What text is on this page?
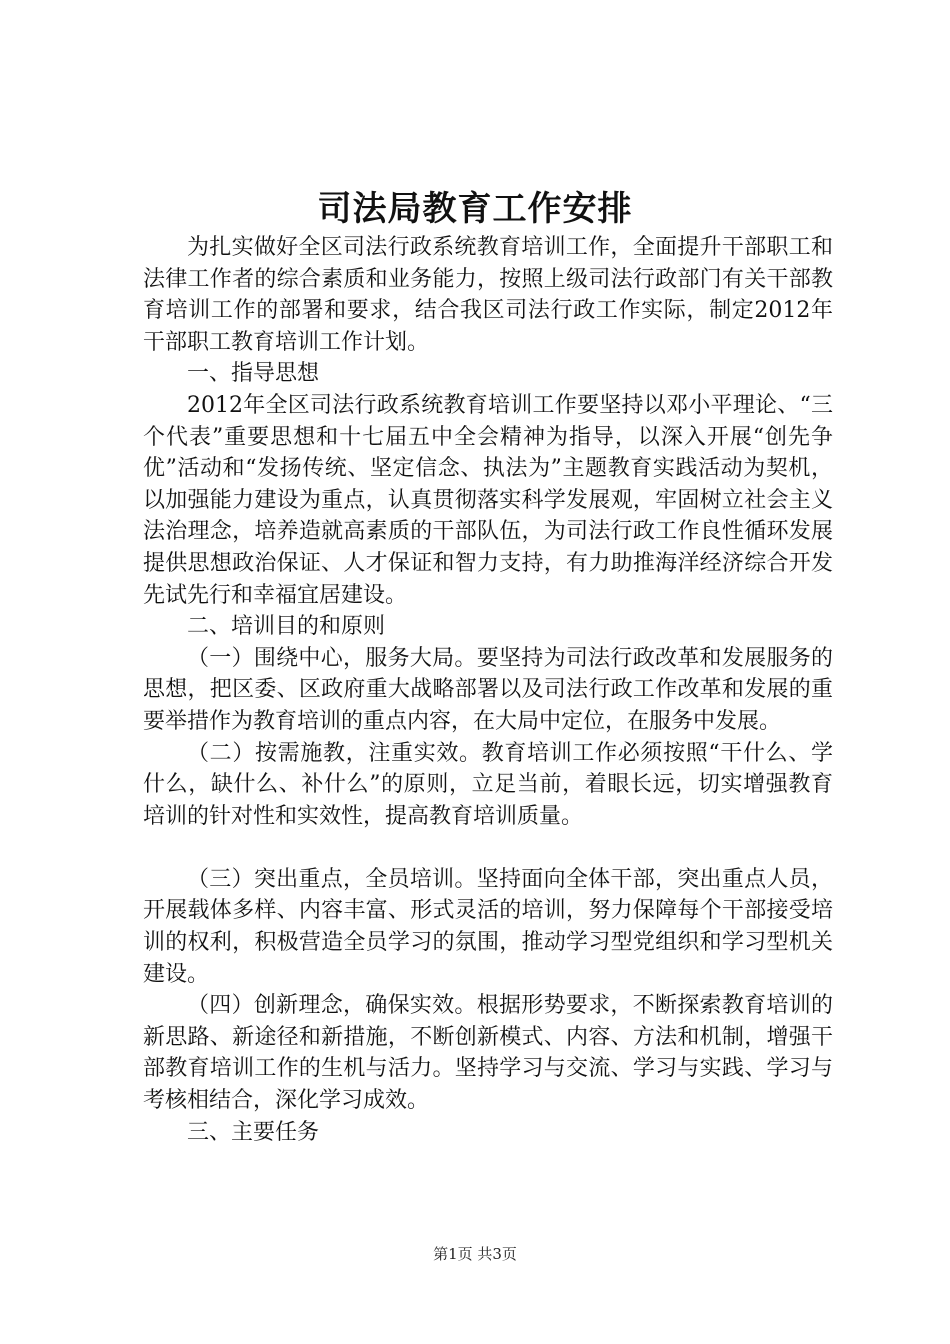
司法局教育工作安排

为扎实做好全区司法行政系统教育培训工作，全面提升干部职工和法律工作者的综合素质和业务能力，按照上级司法行政部门有关干部教育培训工作的部署和要求，结合我区司法行政工作实际，制定2012年干部职工教育培训工作计划。

一、指导思想

2012年全区司法行政系统教育培训工作要坚持以邓小平理论、“三个代表”重要思想和十七届五中全会精神为指导，以深入开展“创先争优”活动和“发扬传统、坚定信念、执法为”主题教育实践活动为契机，以加强能力建设为重点，认真贯彻落实科学发展观，牢固树立社会主义法治理念，培养造就高素质的干部队伍，为司法行政工作良性循环发展提供思想政治保证、人才保证和智力支持，有力助推海洋经济综合开发先试先行和幸福宜居建设。

二、培训目的和原则

（一）围绕中心，服务大局。要坚持为司法行政改革和发展服务的思想，把区委、区政府重大战略部署以及司法行政工作改革和发展的重要举措作为教育培训的重点内容，在大局中定位，在服务中发展。

（二）按需施教，注重实效。教育培训工作必须按照“干什么、学什么，缺什么、补什么”的原则，立足当前，着眼长远，切实增强教育培训的针对性和实效性，提高教育培训质量。

（三）突出重点，全员培训。坚持面向全体干部，突出重点人员，开展载体多样、内容丰富、形式灵活的培训，努力保障每个干部接受培训的权利，积极营造全员学习的氛围，推动学习型党组织和学习型机关建设。

（四）创新理念，确保实效。根据形势要求，不断探索教育培训的新思路、新途径和新措施，不断创新模式、内容、方法和机制，增强干部教育培训工作的生机与活力。坚持学习与交流、学习与实践、学习与考核相结合，深化学习成效。

三、主要任务

第1页 共3页
